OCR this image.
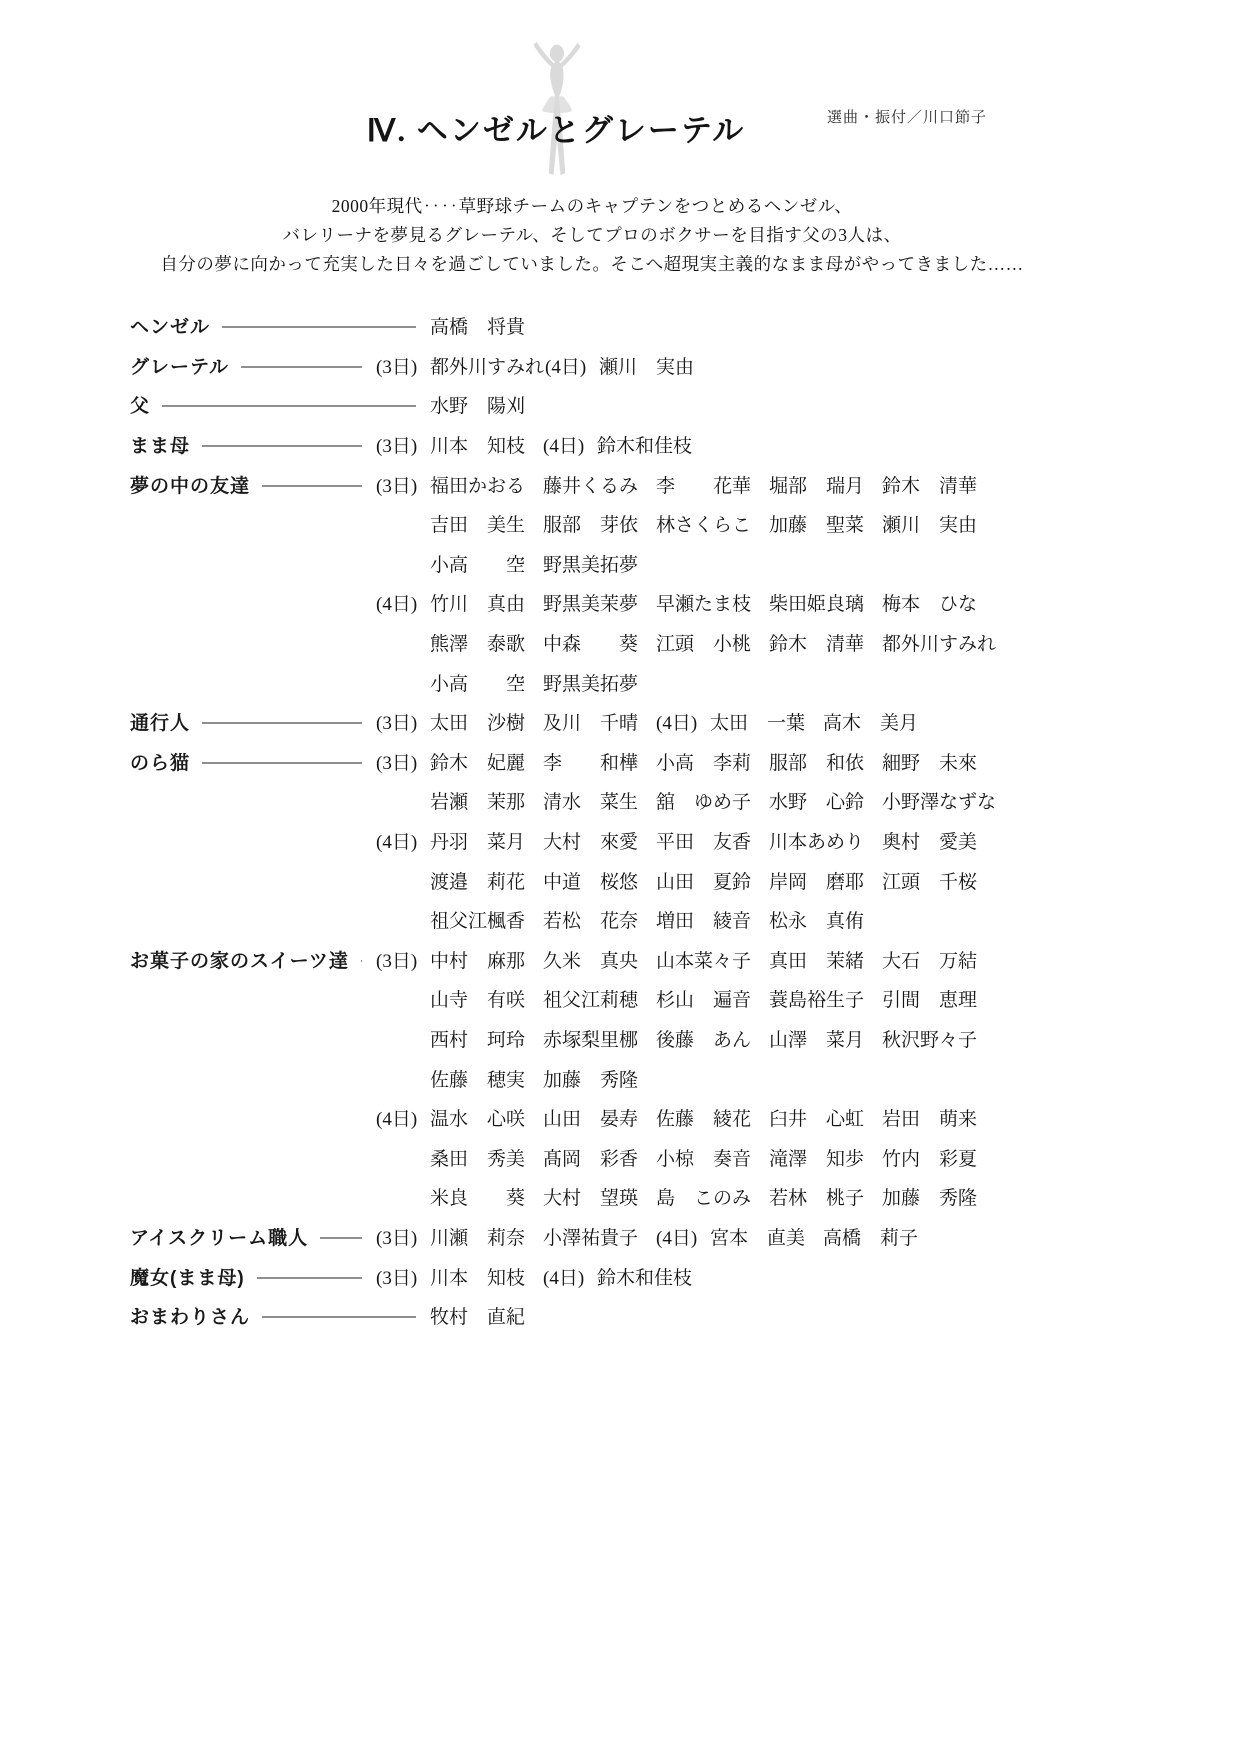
Ⅳ. ヘンゼルとグレーテル	選曲・振付／川口節子

2000年現代‥‥草野球チームのキャプテンをつとめるヘンゼル、

バレリーナを夢見るグレーテル、そしてプロのボクサーを目指す父の3人は、

自分の夢に向かって充実した日々を過ごしていました。そこへ超現実主義的なまま母がやってきました……

ヘンゼル	高橋　将貴
グレーテル	(3日) 都外川すみれ (4日) 瀬川　実由
父	水野　陽刈
まま母	(3日) 川本　知枝 (4日) 鈴木和佳枝
夢の中の友達	(3日) 福田かおる 藤井くるみ 李　　花華 堀部　瑞月 鈴木　清華
吉田　美生 服部　芽依 林さくらこ 加藤　聖菜 瀬川　実由
小高　　空 野黒美拓夢
(4日) 竹川　真由 野黒美茉夢 早瀬たま枝 柴田姫良璃 梅本　ひな
熊澤　泰歌 中森　　葵 江頭　小桃 鈴木　清華 都外川すみれ
小高　　空 野黒美拓夢
通行人	(3日) 太田　沙樹 及川　千晴 (4日) 太田　一葉 高木　美月
のら猫	(3日) 鈴木　妃麗 李　　和樺 小高　李莉 服部　和依 細野　未來
岩瀬　茉那 清水　菜生 舘　ゆめ子 水野　心鈴 小野澤なずな
(4日) 丹羽　菜月 大村　來愛 平田　友香 川本あめり 奥村　愛美
渡邉　莉花 中道　桜悠 山田　夏鈴 岸岡　磨耶 江頭　千桜
祖父江楓香 若松　花奈 増田　綾音 松永　真侑
お菓子の家のスイーツ達 (3日) 中村　麻那 久米　真央 山本菜々子 真田　茉緒 大石　万結
山寺　有咲 祖父江莉穂 杉山　遍音 蓑島裕生子 引間　恵理
西村　珂玲 赤塚梨里梛 後藤　あん 山澤　菜月 秋沢野々子
佐藤　穂実 加藤　秀隆
(4日) 温水　心咲 山田　晏寿 佐藤　綾花 臼井　心虹 岩田　萌来
桑田　秀美 髙岡　彩香 小椋　奏音 滝澤　知歩 竹内　彩夏
米良　　葵 大村　望瑛 島　このみ 若林　桃子 加藤　秀隆
アイスクリーム職人	(3日) 川瀬　莉奈 小澤祐貴子 (4日) 宮本　直美 高橋　莉子
魔女(まま母)	(3日) 川本　知枝 (4日) 鈴木和佳枝
おまわりさん	牧村　直紀
